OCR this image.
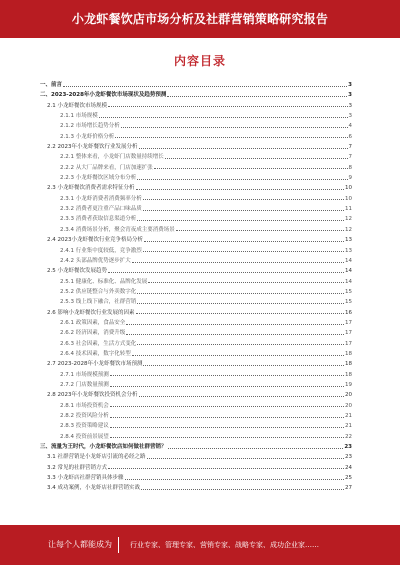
小龙虾餐饮店市场分析及社群营销策略研究报告
内容目录
一、前言	3
二、2023-2028年小龙虾餐饮市场现状及趋势预测	3
2.1 小龙虾餐饮市场规模	3
2.1.1 市场规模	3
2.1.2 市场增长趋势分析	4
2.1.3 小龙虾价格分析	6
2.2 2023年小龙虾餐饮行业发展分析	7
2.2.1 整体来看，小龙虾门店数量持续增长	7
2.2.2 从大厂品牌来看，门店加速扩张	8
2.2.3 小龙虾餐饮区域分布分析	9
2.3 小龙虾餐饮消费者需求特征分析	10
2.3.1 小龙虾消费者消费频率分析	10
2.3.2 消费者更注重产品口味品质	11
2.3.3 消费者获取信息渠道分析	12
2.3.4 消费场景分析，聚会宵夜成主要消费场景	12
2.4 2023小龙虾餐饮行业竞争格局分析	13
2.4.1 行业集中度较低，竞争激烈	13
2.4.2 头部品牌优势逐步扩大	14
2.5 小龙虾餐饮发展趋势	14
2.5.1 健康化、标准化、品牌化发展	14
2.5.2 供应链整合与外卖数字化	15
2.5.3 线上线下融合，社群营销	15
2.6 影响小龙虾餐饮行业发展的因素	16
2.6.1 政策因素，食品安全	17
2.6.2 经济因素，消费升级	17
2.6.3 社会因素，生活方式变化	17
2.6.4 技术因素，数字化转型	18
2.7 2023-2028年小龙虾餐饮市场预测	18
2.7.1 市场规模预测	18
2.7.2 门店数量预测	19
2.8 2023年小龙虾餐饮投资机会分析	20
2.8.1 市场投资机会	20
2.8.2 投资风险分析	21
2.8.3 投资策略建议	21
2.8.4 投资前景展望	22
三、流量为王时代，小龙虾餐饮店如何做社群营销？	23
3.1 社群营销是小龙虾店引流的必经之路	23
3.2 常见的社群营销方式	24
3.3 小龙虾店社群营销具体步骤	25
3.4 成功案例，小龙虾店社群营销实战	27
让每个人都能成为	行业专家、管理专家、营销专家、战略专家、成功企业家……
